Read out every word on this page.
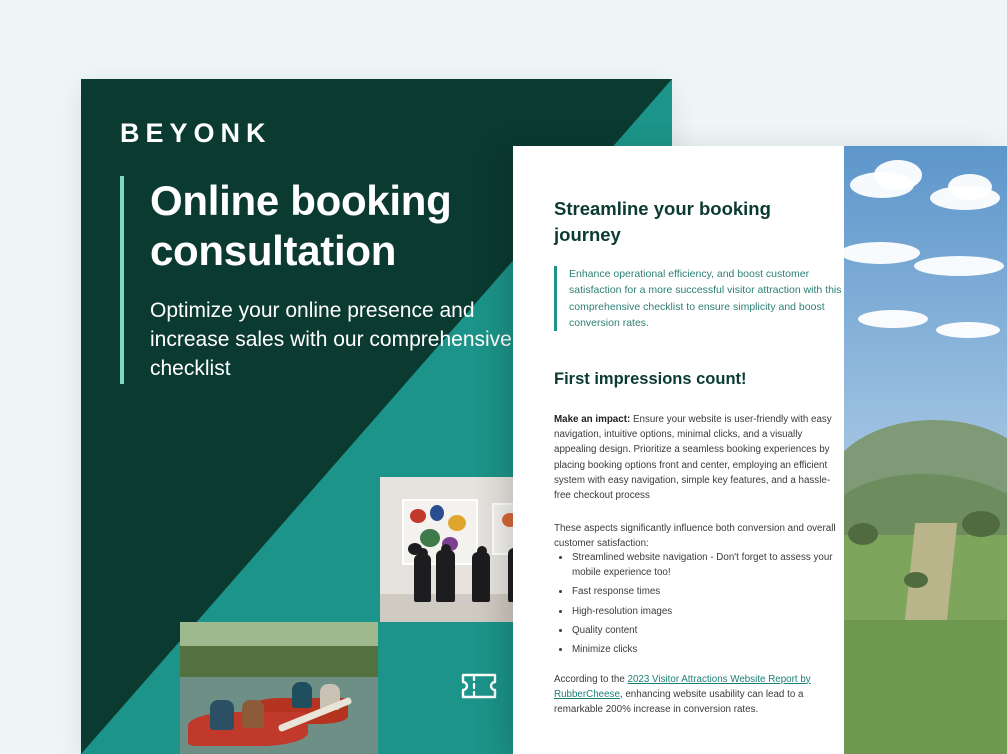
BEYONK
Online booking consultation

Optimize your online presence and increase sales with our comprehensive checklist

Streamline your booking journey
Enhance operational efficiency, and boost customer satisfaction for a more successful visitor attraction with this comprehensive checklist to ensure simplicity and boost conversion rates.
First impressions count!

Make an impact: Ensure your website is user-friendly with easy navigation, intuitive options, minimal clicks, and a visually appealing design. Prioritize a seamless booking experiences by placing booking options front and center, employing an efficient system with easy navigation, simple key features, and a hassle-free checkout process

These aspects significantly influence both conversion and overall customer satisfaction:

Streamlined website navigation - Don't forget to assess your mobile experience too!
Fast response times
High-resolution images
Quality content
Minimize clicks

According to the 2023 Visitor Attractions Website Report by RubberCheese, enhancing website usability can lead to a remarkable 200% increase in conversion rates.
